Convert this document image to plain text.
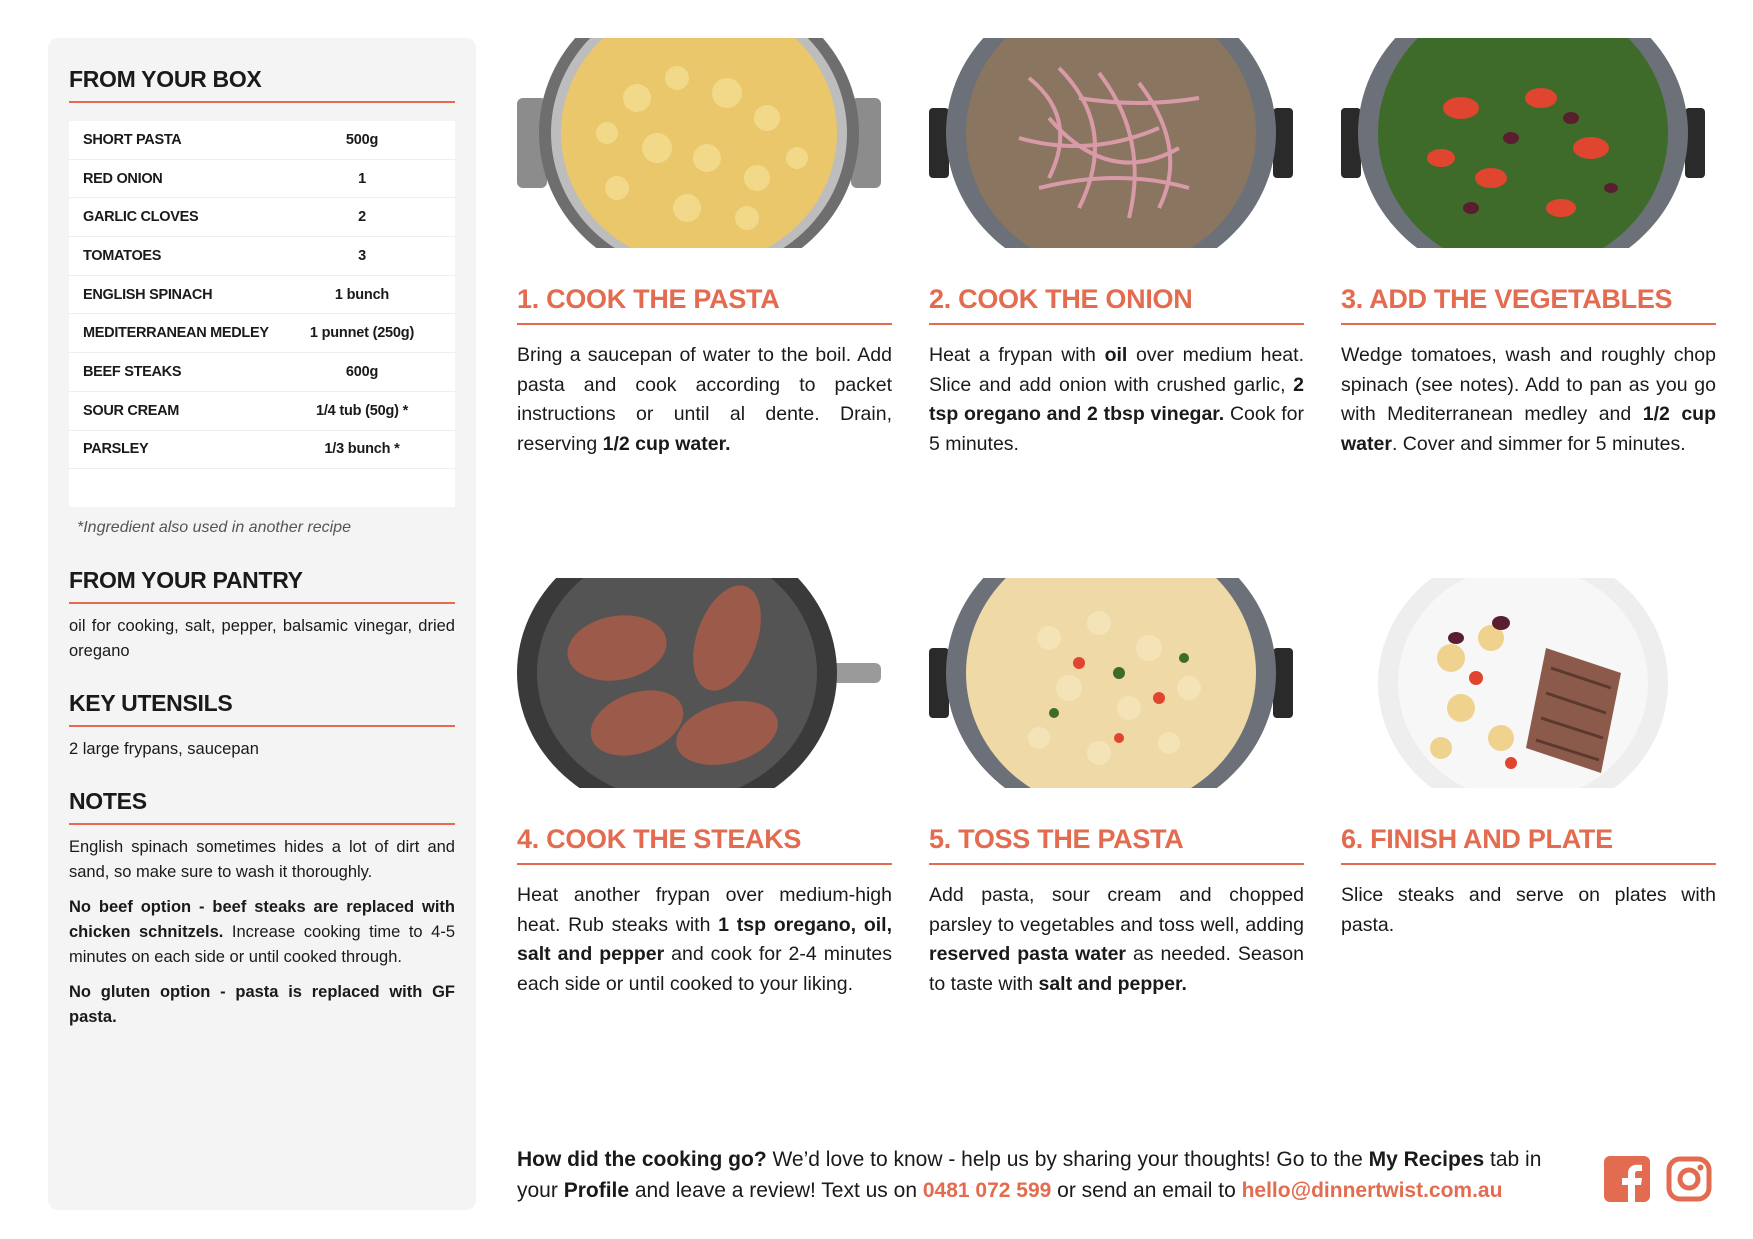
FROM YOUR BOX
SHORT PASTA	500g
RED ONION	1
GARLIC CLOVES	2
TOMATOES	3
ENGLISH SPINACH	1 bunch
MEDITERRANEAN MEDLEY	1 punnet (250g)
BEEF STEAKS	600g
SOUR CREAM	1/4 tub (50g) *
PARSLEY	1/3 bunch *
*Ingredient also used in another recipe
FROM YOUR PANTRY
oil for cooking, salt, pepper, balsamic vinegar, dried oregano
KEY UTENSILS
2 large frypans, saucepan
NOTES

English spinach sometimes hides a lot of dirt and sand, so make sure to wash it thoroughly.

No beef option - beef steaks are replaced with chicken schnitzels. Increase cooking time to 4-5 minutes on each side or until cooked through.

No gluten option - pasta is replaced with GF pasta.

1. COOK THE PASTA
Bring a saucepan of water to the boil. Add pasta and cook according to packet instructions or until al dente. Drain, reserving 1/2 cup water.
2. COOK THE ONION
Heat a frypan with oil over medium heat. Slice and add onion with crushed garlic, 2 tsp oregano and 2 tbsp vinegar. Cook for 5 minutes.
3. ADD THE VEGETABLES
Wedge tomatoes, wash and roughly chop spinach (see notes). Add to pan as you go with Mediterranean medley and 1/2 cup water. Cover and simmer for 5 minutes.
4. COOK THE STEAKS
Heat another frypan over medium-high heat. Rub steaks with 1 tsp oregano, oil, salt and pepper and cook for 2-4 minutes each side or until cooked to your liking.
5. TOSS THE PASTA
Add pasta, sour cream and chopped parsley to vegetables and toss well, adding reserved pasta water as needed. Season to taste with salt and pepper.
6. FINISH AND PLATE
Slice steaks and serve on plates with pasta.
How did the cooking go? We’d love to know - help us by sharing your thoughts! Go to the My Recipes tab in your Profile and leave a review! Text us on 0481 072 599 or send an email to hello@dinnertwist.com.au
